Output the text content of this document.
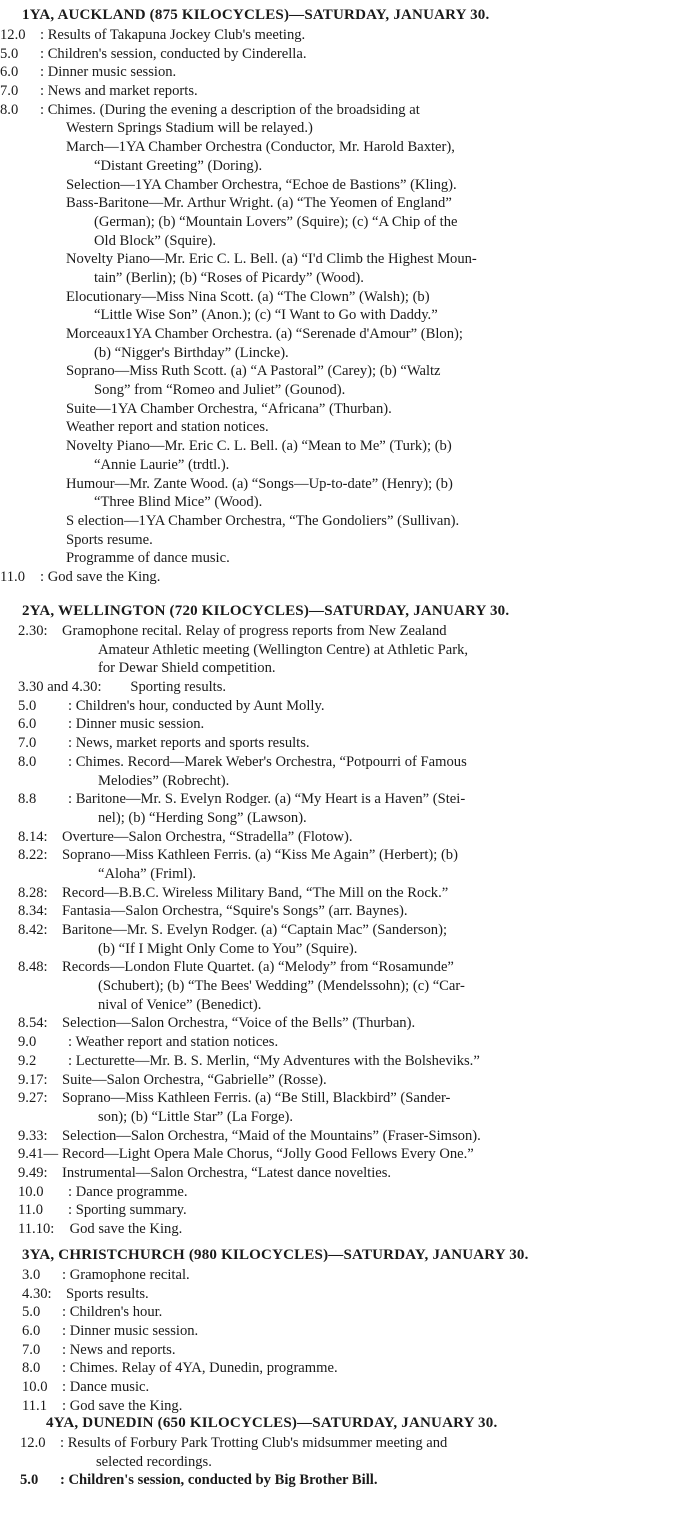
1YA, AUCKLAND (875 KILOCYCLES)—SATURDAY, JANUARY 30.
12.0 : Results of Takapuna Jockey Club's meeting.
5.0 : Children's session, conducted by Cinderella.
6.0 : Dinner music session.
7.0 : News and market reports.
8.0 : Chimes. (During the evening a description of the broadsiding at
Western Springs Stadium will be relayed.)
March—1YA Chamber Orchestra (Conductor, Mr. Harold Baxter),
“Distant Greeting” (Doring).
Selection—1YA Chamber Orchestra, “Echoe de Bastions” (Kling).
Bass-Baritone—Mr. Arthur Wright. (a) “The Yeomen of England”
(German); (b) “Mountain Lovers” (Squire); (c) “A Chip of the
Old Block” (Squire).
Novelty Piano—Mr. Eric C. L. Bell. (a) “I'd Climb the Highest Moun-
tain” (Berlin); (b) “Roses of Picardy” (Wood).
Elocutionary—Miss Nina Scott. (a) “The Clown” (Walsh); (b)
“Little Wise Son” (Anon.); (c) “I Want to Go with Daddy.”
Morceaux1YA Chamber Orchestra. (a) “Serenade d'Amour” (Blon);
(b) “Nigger's Birthday” (Lincke).
Soprano—Miss Ruth Scott. (a) “A Pastoral” (Carey); (b) “Waltz
Song” from “Romeo and Juliet” (Gounod).
Suite—1YA Chamber Orchestra, “Africana” (Thurban).
Weather report and station notices.
Novelty Piano—Mr. Eric C. L. Bell. (a) “Mean to Me” (Turk); (b)
“Annie Laurie” (trdtl.).
Humour—Mr. Zante Wood. (a) “Songs—Up-to-date” (Henry); (b)
“Three Blind Mice” (Wood).
S election—1YA Chamber Orchestra, “The Gondoliers” (Sullivan).
Sports resume.
Programme of dance music.
11.0 : God save the King.
2YA, WELLINGTON (720 KILOCYCLES)—SATURDAY, JANUARY 30.
2.30: Gramophone recital. Relay of progress reports from New Zealand
Amateur Athletic meeting (Wellington Centre) at Athletic Park,
for Dewar Shield competition.
3.30 and 4.30: Sporting results.
5.0 : Children's hour, conducted by Aunt Molly.
6.0 : Dinner music session.
7.0 : News, market reports and sports results.
8.0 : Chimes. Record—Marek Weber's Orchestra, “Potpourri of Famous
Melodies” (Robrecht).
8.8 : Baritone—Mr. S. Evelyn Rodger. (a) “My Heart is a Haven” (Stei-
nel); (b) “Herding Song” (Lawson).
8.14: Overture—Salon Orchestra, “Stradella” (Flotow).
8.22: Soprano—Miss Kathleen Ferris. (a) “Kiss Me Again” (Herbert); (b)
“Aloha” (Friml).
8.28: Record—B.B.C. Wireless Military Band, “The Mill on the Rock.”
8.34: Fantasia—Salon Orchestra, “Squire's Songs” (arr. Baynes).
8.42: Baritone—Mr. S. Evelyn Rodger. (a) “Captain Mac” (Sanderson);
(b) “If I Might Only Come to You” (Squire).
8.48: Records—London Flute Quartet. (a) “Melody” from “Rosamunde”
(Schubert); (b) “The Bees' Wedding” (Mendelssohn); (c) “Car-
nival of Venice” (Benedict).
8.54: Selection—Salon Orchestra, “Voice of the Bells” (Thurban).
9.0 : Weather report and station notices.
9.2 : Lecturette—Mr. B. S. Merlin, “My Adventures with the Bolsheviks.”
9.17: Suite—Salon Orchestra, “Gabrielle” (Rosse).
9.27: Soprano—Miss Kathleen Ferris. (a) “Be Still, Blackbird” (Sander-
son); (b) “Little Star” (La Forge).
9.33: Selection—Salon Orchestra, “Maid of the Mountains” (Fraser-Simson).
9.41— Record—Light Opera Male Chorus, “Jolly Good Fellows Every One.”
9.49: Instrumental—Salon Orchestra, “Latest dance novelties.
10.0 : Dance programme.
11.0 : Sporting summary.
11.10: God save the King.
3YA, CHRISTCHURCH (980 KILOCYCLES)—SATURDAY, JANUARY 30.
3.0 : Gramophone recital.
4.30: Sports results.
5.0 : Children's hour.
6.0 : Dinner music session.
7.0 : News and reports.
8.0 : Chimes. Relay of 4YA, Dunedin, programme.
10.0 : Dance music.
11.1 : God save the King.
4YA, DUNEDIN (650 KILOCYCLES)—SATURDAY, JANUARY 30.
12.0 : Results of Forbury Park Trotting Club's midsummer meeting and
selected recordings.
5.0 : Children's session, conducted by Big Brother Bill.
